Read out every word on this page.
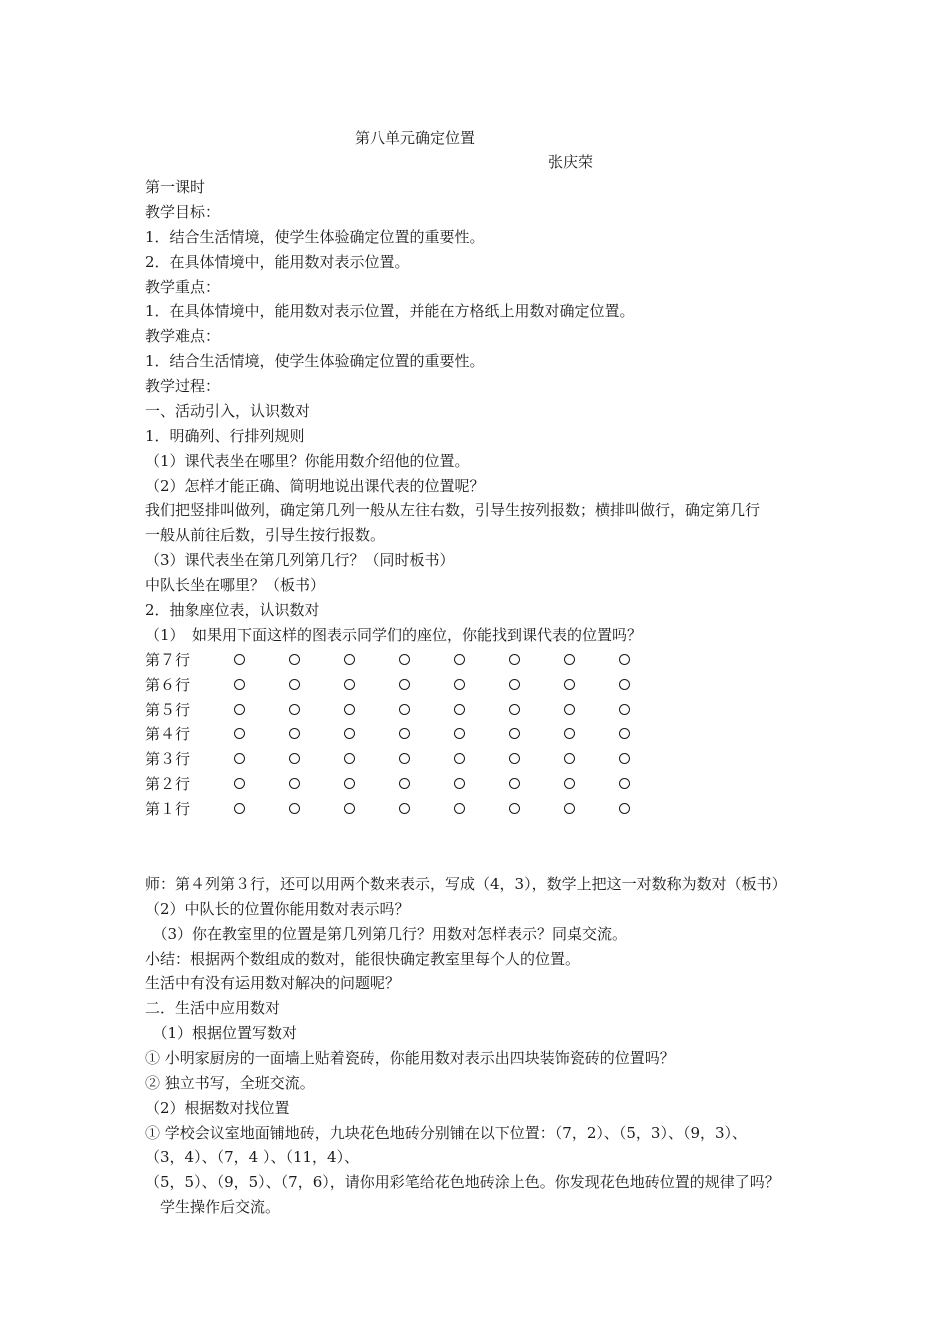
第八单元确定位置
张庆荣
第一课时
教学目标：
1．结合生活情境，使学生体验确定位置的重要性。
2．在具体情境中，能用数对表示位置。
教学重点：
1．在具体情境中，能用数对表示位置，并能在方格纸上用数对确定位置。
教学难点：
1．结合生活情境，使学生体验确定位置的重要性。
教学过程：
一、活动引入，认识数对
1．明确列、行排列规则
（1）课代表坐在哪里？你能用数介绍他的位置。
（2）怎样才能正确、简明地说出课代表的位置呢？
我们把竖排叫做列，确定第几列一般从左往右数，引导生按列报数；横排叫做行，确定第几行
一般从前往后数，引导生按行报数。
（3）课代表坐在第几列第几行？（同时板书）
中队长坐在哪里？（板书）
2．抽象座位表，认识数对
（1）　如果用下面这样的图表示同学们的座位，你能找到课代表的位置吗？
第７行
第６行
第５行
第４行
第３行
第２行
第１行
师：第４列第３行，还可以用两个数来表示，写成（4，3），数学上把这一对数称为数对（板书）
（2）中队长的位置你能用数对表示吗？
　（3）你在教室里的位置是第几列第几行？用数对怎样表示？同桌交流。
小结：根据两个数组成的数对，能很快确定教室里每个人的位置。
生活中有没有运用数对解决的问题呢？
二．生活中应用数对
　（1）根据位置写数对
① 小明家厨房的一面墙上贴着瓷砖，你能用数对表示出四块装饰瓷砖的位置吗？
② 独立书写，全班交流。
（2）根据数对找位置
① 学校会议室地面铺地砖，九块花色地砖分别铺在以下位置：（7，2）、（5，3）、（9，3）、
（3，4）、（7，4 ）、（11，4）、
（5，5）、（9，5）、（7，6），请你用彩笔给花色地砖涂上色。你发现花色地砖位置的规律了吗？
　学生操作后交流。
